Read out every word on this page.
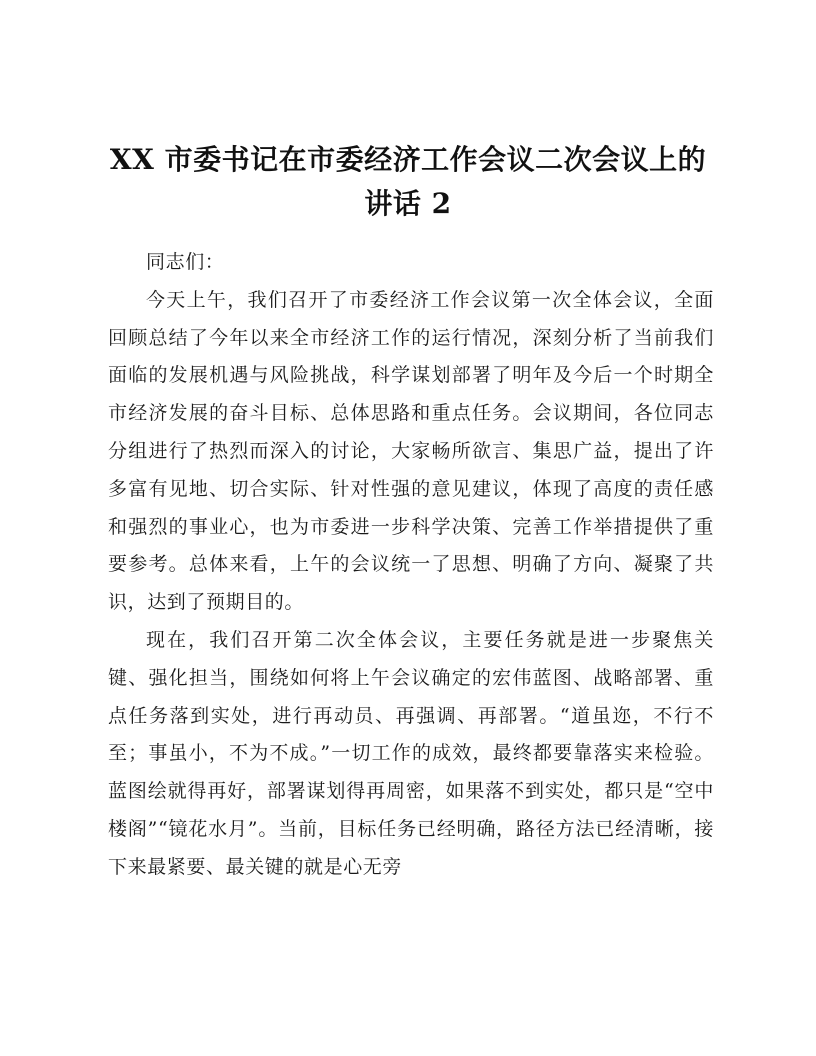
XX 市委书记在市委经济工作会议二次会议上的讲话 2

同志们：

今天上午，我们召开了市委经济工作会议第一次全体会议，全面回顾总结了今年以来全市经济工作的运行情况，深刻分析了当前我们面临的发展机遇与风险挑战，科学谋划部署了明年及今后一个时期全市经济发展的奋斗目标、总体思路和重点任务。会议期间，各位同志分组进行了热烈而深入的讨论，大家畅所欲言、集思广益，提出了许多富有见地、切合实际、针对性强的意见建议，体现了高度的责任感和强烈的事业心，也为市委进一步科学决策、完善工作举措提供了重要参考。总体来看，上午的会议统一了思想、明确了方向、凝聚了共识，达到了预期目的。

现在，我们召开第二次全体会议，主要任务就是进一步聚焦关键、强化担当，围绕如何将上午会议确定的宏伟蓝图、战略部署、重点任务落到实处，进行再动员、再强调、再部署。“道虽迩，不行不至；事虽小，不为不成。”一切工作的成效，最终都要靠落实来检验。蓝图绘就得再好，部署谋划得再周密，如果落不到实处，都只是“空中楼阁”“镜花水月”。当前，目标任务已经明确，路径方法已经清晰，接下来最紧要、最关键的就是心无旁
